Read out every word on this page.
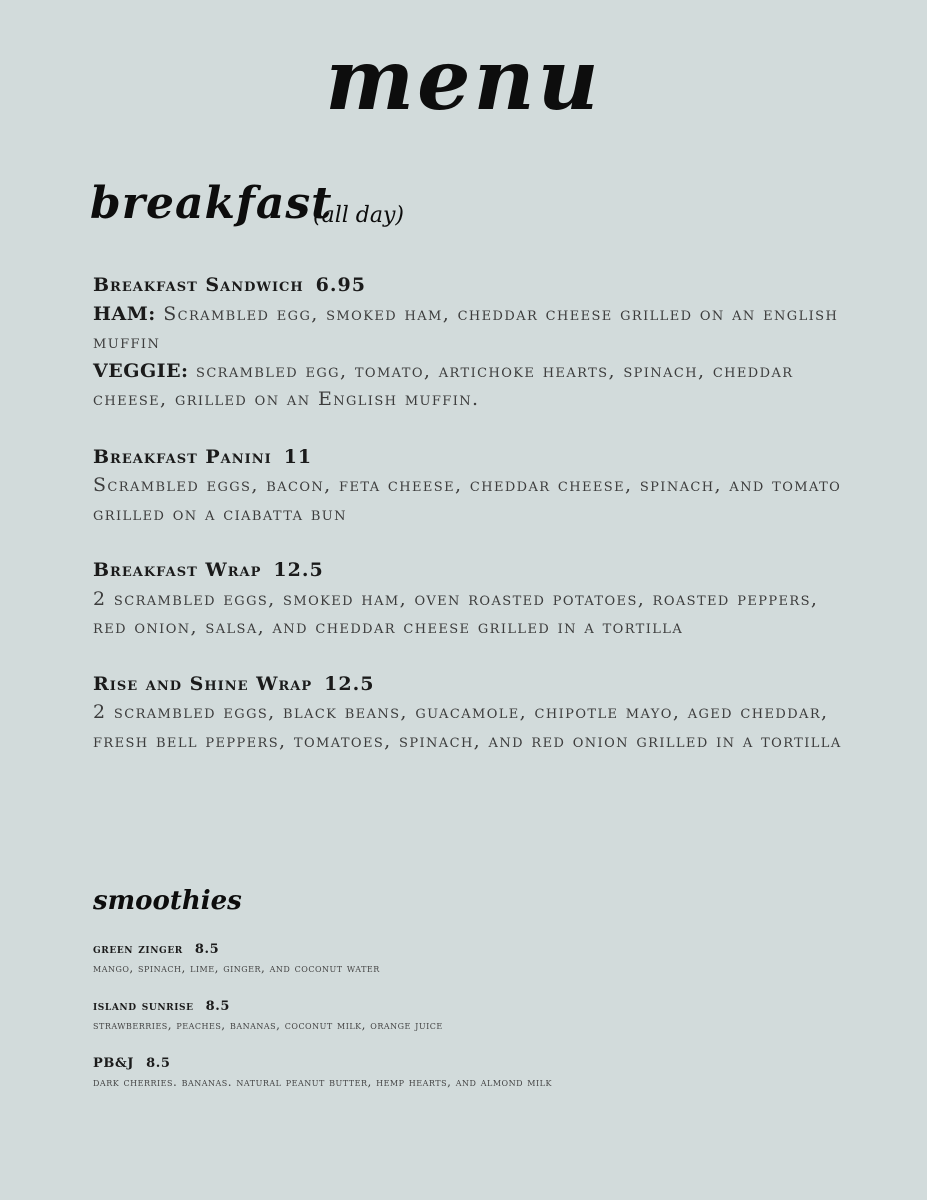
menu
breakfast
(all day)
Breakfast Sandwich 6.95
HAM: Scrambled egg, smoked ham, cheddar cheese grilled on an english muffin
VEGGIE: scrambled egg, tomato, artichoke hearts, spinach, cheddar cheese, grilled on an English muffin.
Breakfast Panini 11
Scrambled eggs, bacon, feta cheese, cheddar cheese, spinach, and tomato grilled on a ciabatta bun
Breakfast Wrap 12.5
2 scrambled eggs, smoked ham, oven roasted potatoes, roasted peppers, red onion, salsa, and cheddar cheese grilled in a tortilla
Rise and Shine Wrap 12.5
2 scrambled eggs, black beans, guacamole, chipotle mayo, aged cheddar, fresh bell peppers, tomatoes, spinach, and red onion grilled in a tortilla
smoothies
green zinger 8.5
mango, spinach, lime, ginger, and coconut water
island sunrise 8.5
strawberries, peaches, bananas, coconut milk, orange juice
PB&J 8.5
dark cherries. bananas. natural peanut butter, hemp hearts, and almond milk
